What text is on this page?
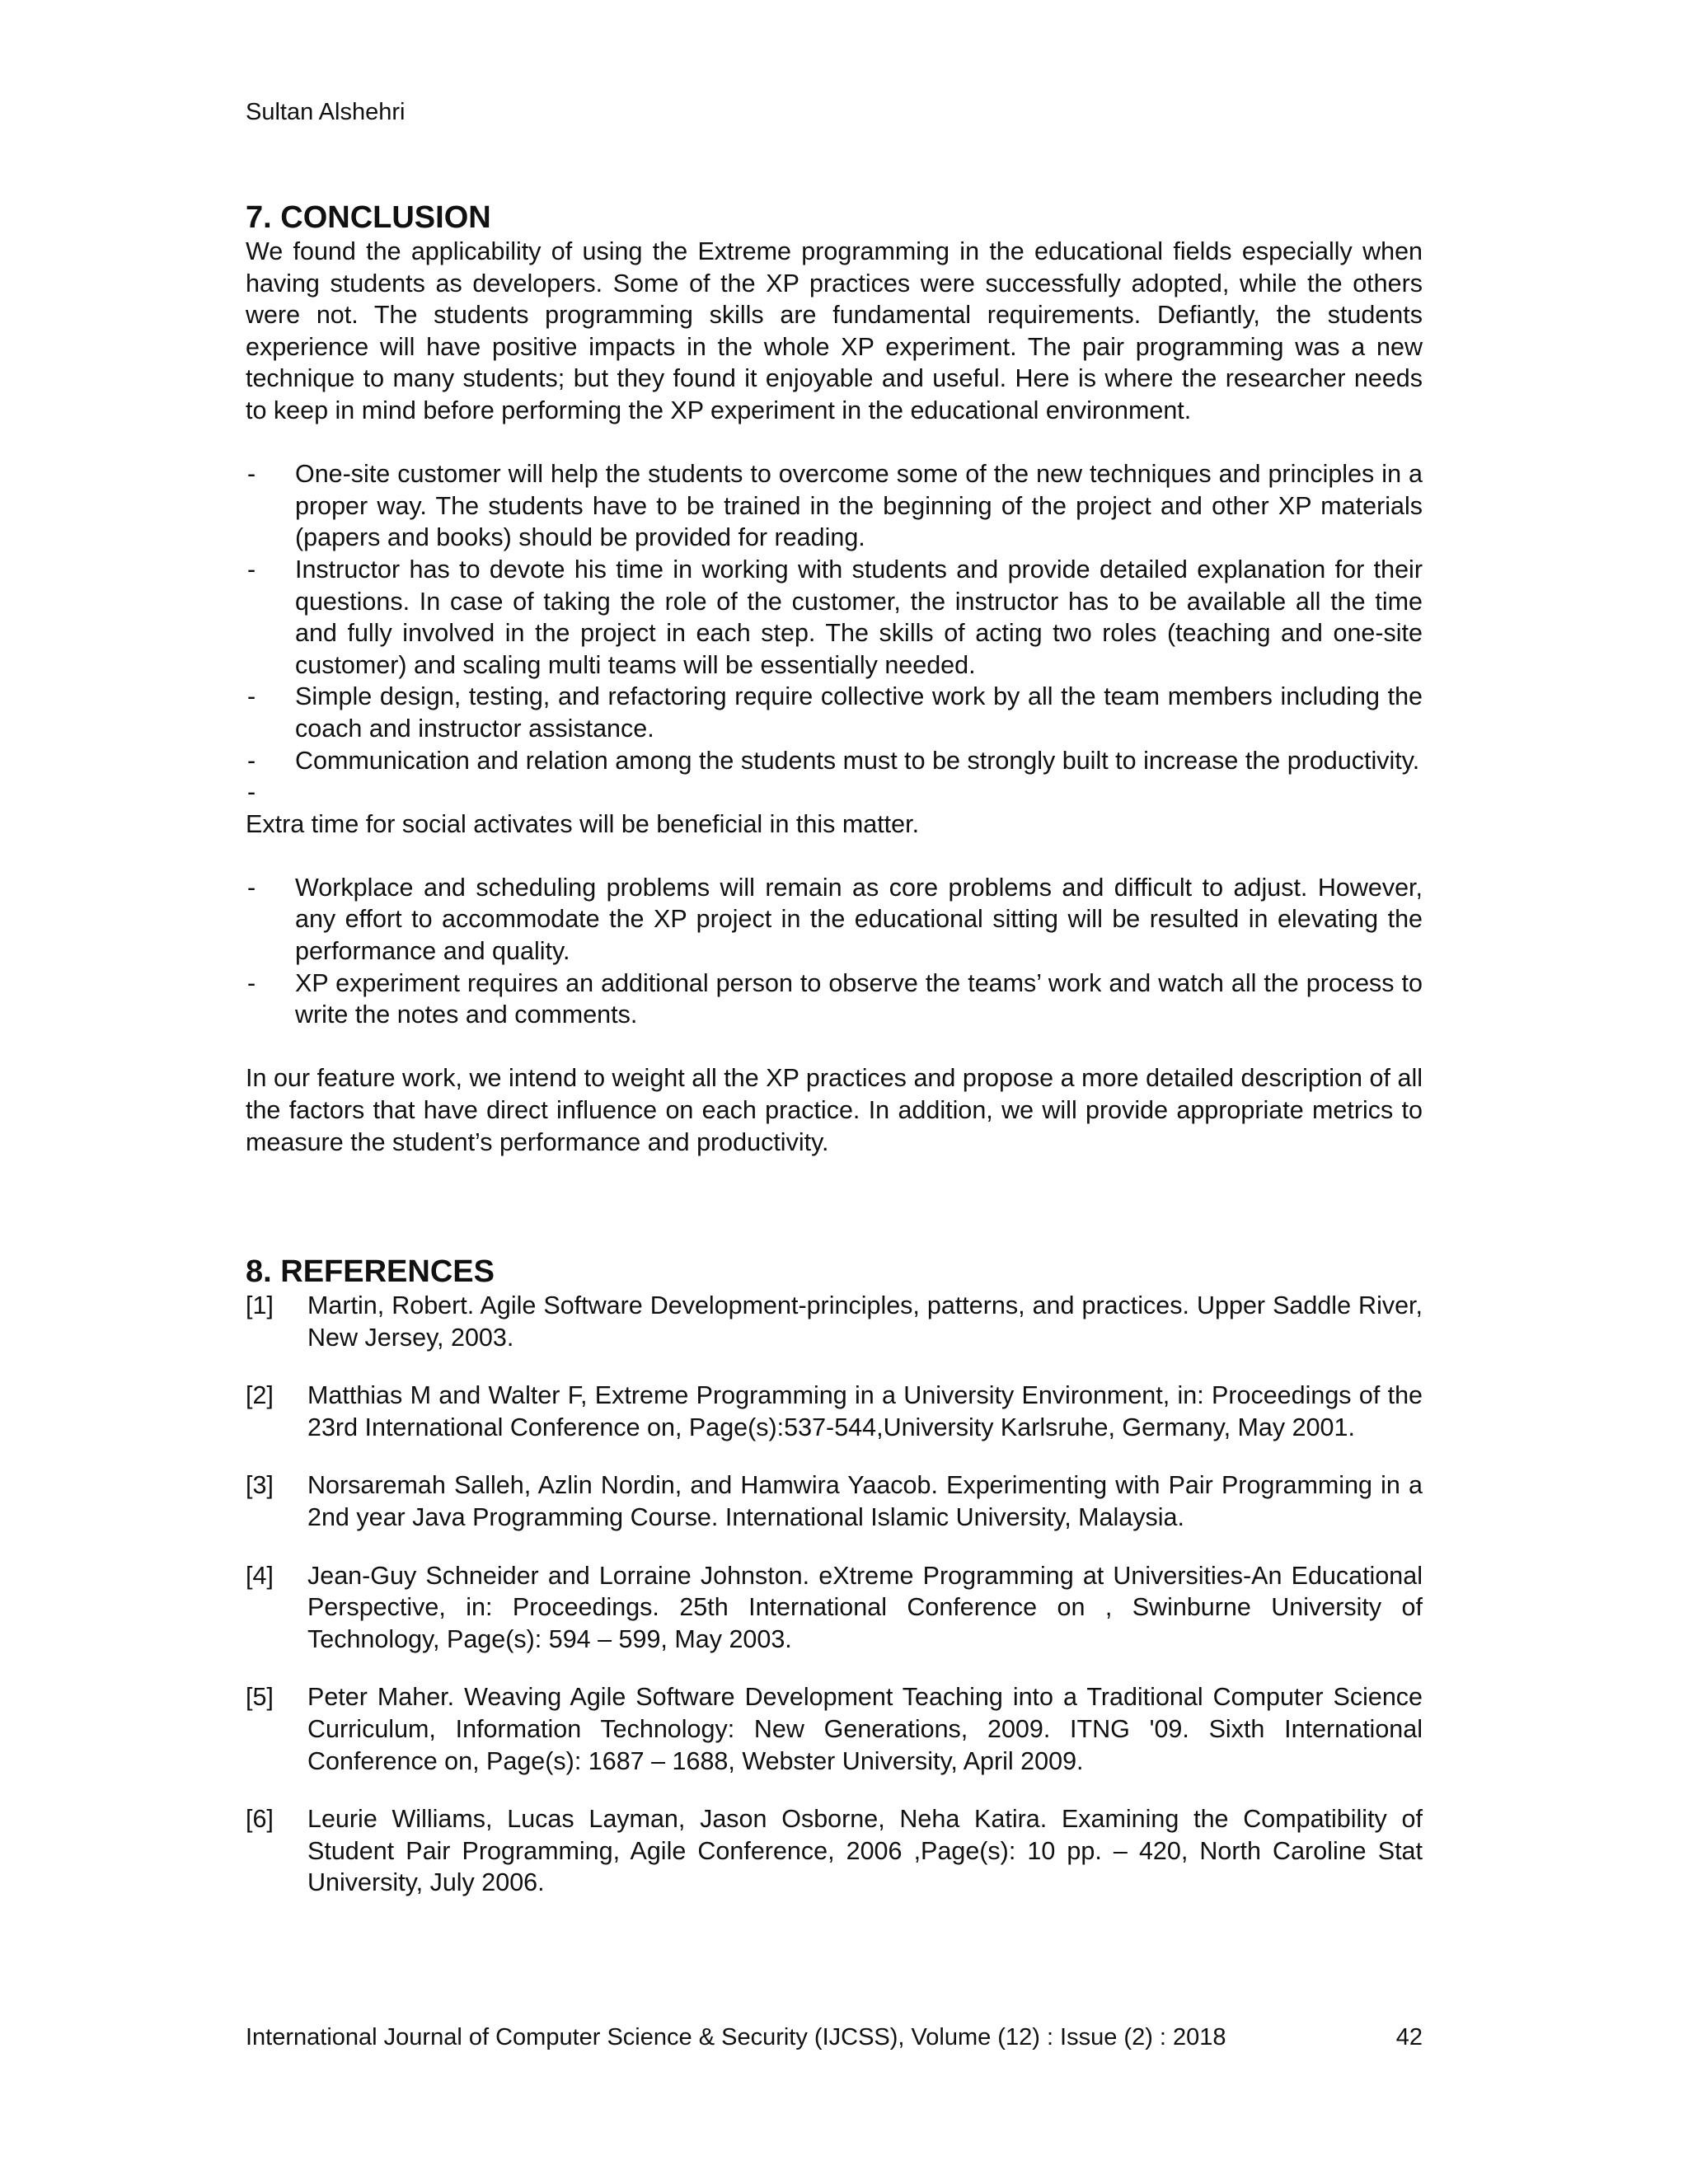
Sultan Alshehri
7. CONCLUSION

We found the applicability of using the Extreme programming in the educational fields especially when having students as developers. Some of the XP practices were successfully adopted, while the others were not. The students programming skills are fundamental requirements. Defiantly, the students experience will have positive impacts in the whole XP experiment. The pair programming was a new technique to many students; but they found it enjoyable and useful. Here is where the researcher needs to keep in mind before performing the XP experiment in the educational environment.

- One-site customer will help the students to overcome some of the new techniques and principles in a proper way. The students have to be trained in the beginning of the project and other XP materials (papers and books) should be provided for reading.
- Instructor has to devote his time in working with students and provide detailed explanation for their questions. In case of taking the role of the customer, the instructor has to be available all the time and fully involved in the project in each step. The skills of acting two roles (teaching and one-site customer) and scaling multi teams will be essentially needed.
- Simple design, testing, and refactoring require collective work by all the team members including the coach and instructor assistance.
- Communication and relation among the students must to be strongly built to increase the productivity.
-

Extra time for social activates will be beneficial in this matter.

- Workplace and scheduling problems will remain as core problems and difficult to adjust. However, any effort to accommodate the XP project in the educational sitting will be resulted in elevating the performance and quality.
- XP experiment requires an additional person to observe the teams’ work and watch all the process to write the notes and comments.

In our feature work, we intend to weight all the XP practices and propose a more detailed description of all the factors that have direct influence on each practice. In addition, we will provide appropriate metrics to measure the student’s performance and productivity.

8. REFERENCES
[1] Martin, Robert. Agile Software Development-principles, patterns, and practices. Upper Saddle River, New Jersey, 2003.
[2] Matthias M and Walter F, Extreme Programming in a University Environment, in: Proceedings of the 23rd International Conference on, Page(s):537-544,University Karlsruhe, Germany, May 2001.
[3] Norsaremah Salleh, Azlin Nordin, and Hamwira Yaacob. Experimenting with Pair Programming in a 2nd year Java Programming Course. International Islamic University, Malaysia.
[4] Jean-Guy Schneider and Lorraine Johnston. eXtreme Programming at Universities-An Educational Perspective, in: Proceedings. 25th International Conference on , Swinburne University of Technology, Page(s): 594 – 599, May 2003.
[5] Peter Maher. Weaving Agile Software Development Teaching into a Traditional Computer Science Curriculum, Information Technology: New Generations, 2009. ITNG '09. Sixth International Conference on, Page(s): 1687 – 1688, Webster University, April 2009.
[6] Leurie Williams, Lucas Layman, Jason Osborne, Neha Katira. Examining the Compatibility of Student Pair Programming, Agile Conference, 2006 ,Page(s): 10 pp. – 420, North Caroline Stat University, July 2006.
International Journal of Computer Science & Security (IJCSS), Volume (12) : Issue (2) : 2018	42
